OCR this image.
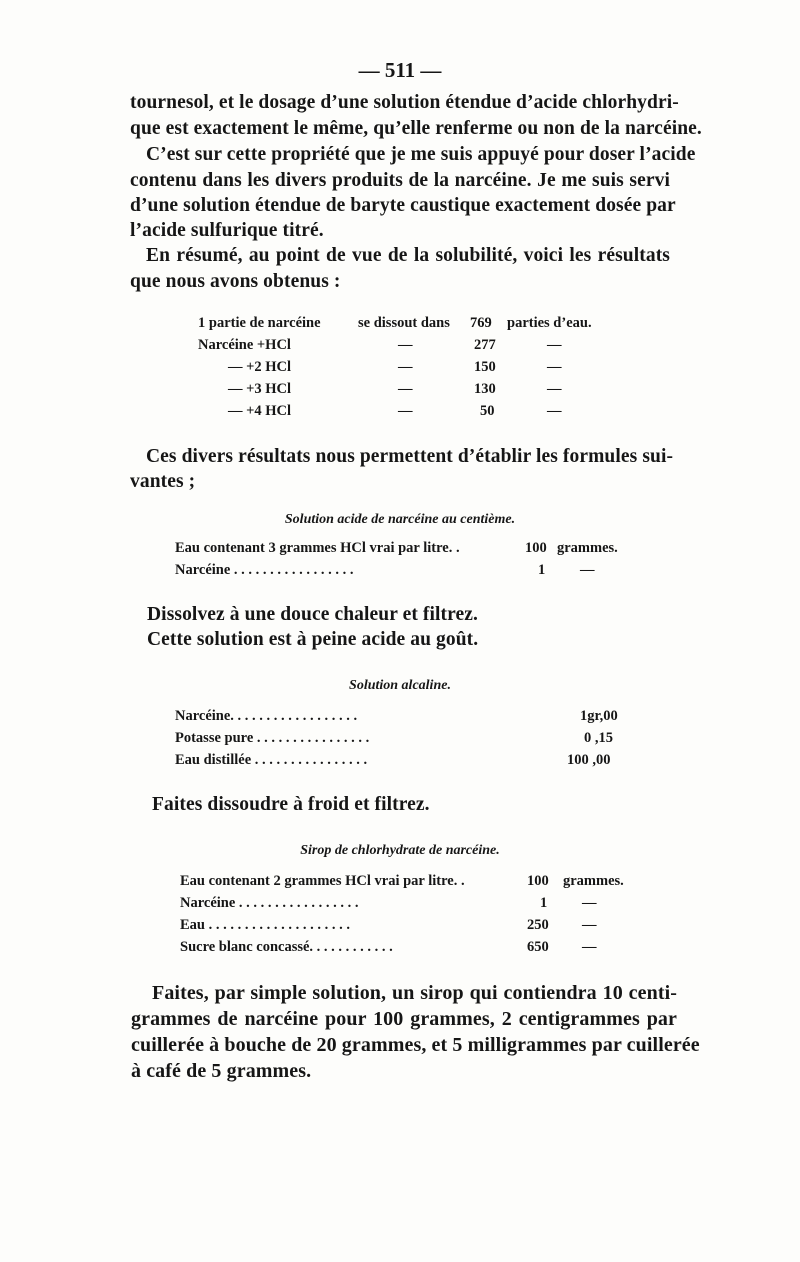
— 511 —
tournesol, et le dosage d’une solution étendue d’acide chlorhydri-
que est exactement le même, qu’elle renferme ou non de la narcéine.
C’est sur cette propriété que je me suis appuyé pour doser l’acide
contenu dans les divers produits de la narcéine. Je me suis servi
d’une solution étendue de baryte caustique exactement dosée par
l’acide sulfurique titré.
En résumé, au point de vue de la solubilité, voici les résultats
que nous avons obtenus :
1 partie de narcéine	se dissout dans 769 parties d’eau.
Narcéine +HCl	—	277	—
— +2 HCl	—	150	—
— +3 HCl	—	130	—
— +4 HCl	—	50	—
Ces divers résultats nous permettent d’établir les formules sui-
vantes ;
Solution acide de narcéine au centième.
Eau contenant 3 grammes HCl vrai par litre. .	100 grammes.
Narcéine . . . . . . . . . . . . . . . . .	1 —
Dissolvez à une douce chaleur et filtrez.
Cette solution est à peine acide au goût.
Solution alcaline.
Narcéine. . . . . . . . . . . . . . . . . .	1gr,00
Potasse pure . . . . . . . . . . . . . . . .	0 ,15
Eau distillée . . . . . . . . . . . . . . . .	100 ,00
Faites dissoudre à froid et filtrez.
Sirop de chlorhydrate de narcéine.
Eau contenant 2 grammes HCl vrai par litre. .	100 grammes.
Narcéine . . . . . . . . . . . . . . . . .	1 —
Eau . . . . . . . . . . . . . . . . . . . .	250 —
Sucre blanc concassé. . . . . . . . . . . .	650 —
Faites, par simple solution, un sirop qui contiendra 10 centi-
grammes de narcéine pour 100 grammes, 2 centigrammes par
cuillerée à bouche de 20 grammes, et 5 milligrammes par cuillerée
à café de 5 grammes.
